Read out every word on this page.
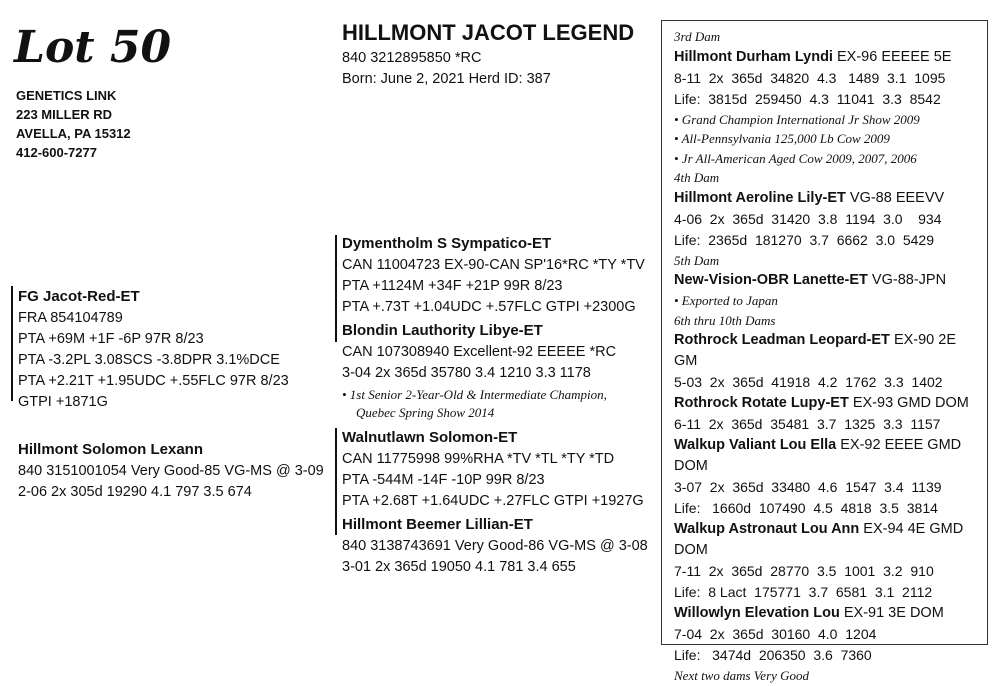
Lot 50
GENETICS LINK
223 MILLER RD
AVELLA, PA 15312
412-600-7277
HILLMONT JACOT LEGEND
840 3212895850 *RC
Born: June 2, 2021 Herd ID: 387
FG Jacot-Red-ET
FRA 854104789
PTA +69M +1F -6P 97R 8/23
PTA -3.2PL 3.08SCS -3.8DPR 3.1%DCE
PTA +2.21T +1.95UDC +.55FLC 97R 8/23
GTPI +1871G
Hillmont Solomon Lexann
840 3151001054 Very Good-85 VG-MS @ 3-09
2-06 2x 305d 19290 4.1 797 3.5 674
Dymentholm S Sympatico-ET
CAN 11004723 EX-90-CAN SP'16*RC *TY *TV
PTA +1124M +34F +21P 99R 8/23
PTA +.73T +1.04UDC +.57FLC GTPI +2300G
Blondin Lauthority Libye-ET
CAN 107308940 Excellent-92 EEEEE *RC
3-04 2x 365d 35780 3.4 1210 3.3 1178
• 1st Senior 2-Year-Old & Intermediate Champion,
Quebec Spring Show 2014
Walnutlawn Solomon-ET
CAN 11775998 99%RHA *TV *TL *TY *TD
PTA -544M -14F -10P 99R 8/23
PTA +2.68T +1.64UDC +.27FLC GTPI +1927G
Hillmont Beemer Lillian-ET
840 3138743691 Very Good-86 VG-MS @ 3-08
3-01 2x 365d 19050 4.1 781 3.4 655
3rd Dam
Hillmont Durham Lyndi EX-96 EEEEE 5E
8-11  2x  365d  34820  4.3   1489  3.1  1095
Life:  3815d  259450  4.3  11041  3.3  8542
• Grand Champion International Jr Show 2009
• All-Pennsylvania 125,000 Lb Cow 2009
• Jr All-American Aged Cow 2009, 2007, 2006
4th Dam
Hillmont Aeroline Lily-ET VG-88 EEEVV
4-06  2x  365d  31420  3.8  1194  3.0    934
Life:  2365d  181270  3.7  6662  3.0  5429
5th Dam
New-Vision-OBR Lanette-ET VG-88-JPN
• Exported to Japan
6th thru 10th Dams
Rothrock Leadman Leopard-ET EX-90 2E GM
5-03  2x  365d  41918  4.2  1762  3.3  1402
Rothrock Rotate Lupy-ET EX-93 GMD DOM
6-11  2x  365d  35481  3.7  1325  3.3  1157
Walkup Valiant Lou Ella EX-92 EEEE GMD DOM
3-07  2x  365d  33480  4.6  1547  3.4  1139
Life:   1660d  107490  4.5  4818  3.5  3814
Walkup Astronaut Lou Ann EX-94 4E GMD DOM
7-11  2x  365d  28770  3.5  1001  3.2  910
Life:  8 Lact  175771  3.7  6581  3.1  2112
Willowlyn Elevation Lou EX-91 3E DOM
7-04  2x  365d  30160  4.0  1204
Life:   3474d  206350  3.6  7360
Next two dams Very Good
